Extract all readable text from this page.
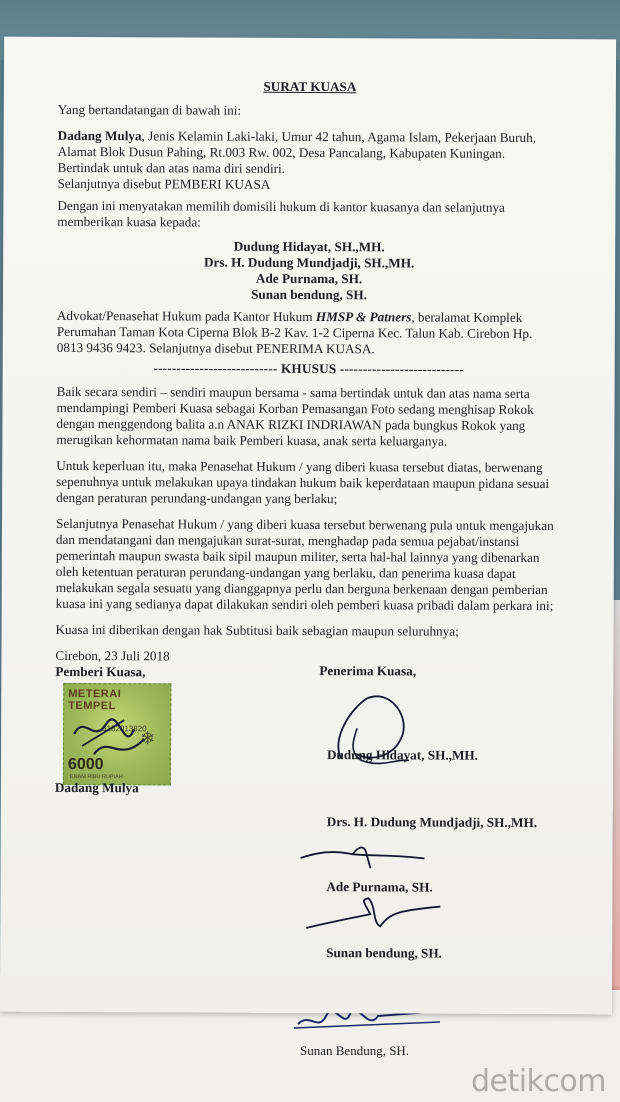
Sunan Bendung, SH.
SURAT KUASA
Yang bertandatangan di bawah ini:
Dadang Mulya, Jenis Kelamin Laki-laki, Umur 42 tahun, Agama Islam, Pekerjaan Buruh,
Alamat Blok Dusun Pahing, Rt.003 Rw. 002, Desa Pancalang, Kabupaten Kuningan.
Bertindak untuk dan atas nama diri sendiri.
Selanjutnya disebut PEMBERI KUASA
Dengan ini menyatakan memilih domisili hukum di kantor kuasanya dan selanjutnya
memberikan kuasa kepada:
Dudung Hidayat, SH.,MH.
Drs. H. Dudung Mundjadji, SH.,MH.
Ade Purnama, SH.
Sunan bendung, SH.
Advokat/Penasehat Hukum pada Kantor Hukum HMSP & Patners, beralamat Komplek
Perumahan Taman Kota Ciperna Blok B-2 Kav. 1-2 Ciperna Kec. Talun Kab. Cirebon Hp.
0813 9436 9423. Selanjutnya disebut PENERIMA KUASA.
--------------------------- KHUSUS ---------------------------
Baik secara sendiri – sendiri maupun bersama - sama bertindak untuk dan atas nama serta
mendampingi Pemberi Kuasa sebagai Korban Pemasangan Foto sedang menghisap Rokok
dengan menggendong balita a.n ANAK RIZKI INDRIAWAN pada bungkus Rokok yang
merugikan kehormatan nama baik Pemberi kuasa, anak serta keluarganya.
Untuk keperluan itu, maka Penasehat Hukum / yang diberi kuasa tersebut diatas, berwenang
sepenuhnya untuk melakukan upaya tindakan hukum baik keperdataan maupun pidana sesuai
dengan peraturan perundang-undangan yang berlaku;
Selanjutnya Penasehat Hukum / yang diberi kuasa tersebut berwenang pula untuk mengajukan
dan mendatangani dan mengajukan surat-surat, menghadap pada semua pejabat/instansi
pemerintah maupun swasta baik sipil maupun militer, serta hal-hal lainnya yang dibenarkan
oleh ketentuan peraturan perundang-undangan yang berlaku, dan penerima kuasa dapat
melakukan segala sesuatu yang dianggapnya perlu dan berguna berkenaan dengan pemberian
kuasa ini yang sedianya dapat dilakukan sendiri oleh pemberi kuasa pribadi dalam perkara ini;
Kuasa ini diberikan dengan hak Subtitusi baik sebagian maupun seluruhnya;
Cirebon, 23 Juli 2018
Pemberi Kuasa,	Penerima Kuasa,
METERAI
TEMPEL
❄
5182013820
6000
ENAM RIBU RUPIAH
Dudung Hidayat, SH.,MH.
Dadang Mulya
Drs. H. Dudung Mundjadji, SH.,MH.
Ade Purnama, SH.
Sunan bendung, SH.
detikcom
